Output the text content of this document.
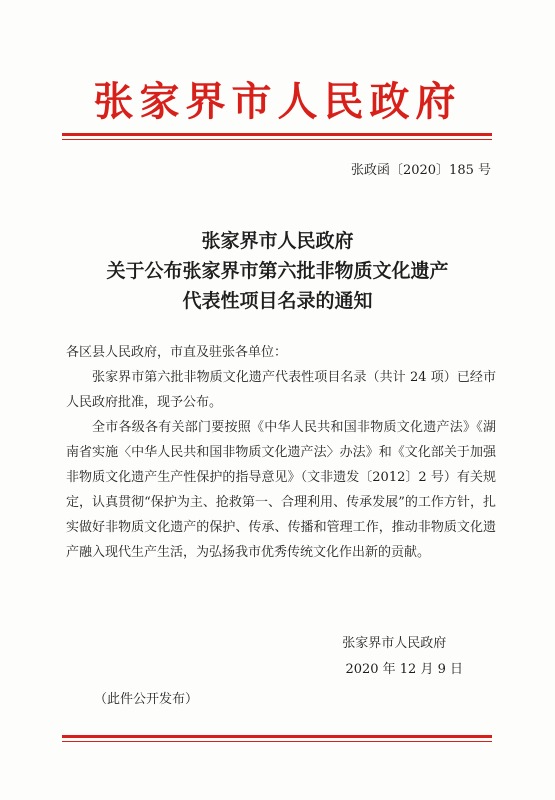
张家界市人民政府
张政函〔2020〕185 号
张家界市人民政府
关于公布张家界市第六批非物质文化遗产
代表性项目名录的通知

各区县人民政府，市直及驻张各单位：

张家界市第六批非物质文化遗产代表性项目名录（共计 24 项）已经市人民政府批准，现予公布。

全市各级各有关部门要按照《中华人民共和国非物质文化遗产法》《湖南省实施〈中华人民共和国非物质文化遗产法〉办法》和《文化部关于加强非物质文化遗产生产性保护的指导意见》（文非遗发〔2012〕2 号）有关规定，认真贯彻“保护为主、抢救第一、合理利用、传承发展”的工作方针，扎实做好非物质文化遗产的保护、传承、传播和管理工作，推动非物质文化遗产融入现代生产生活，为弘扬我市优秀传统文化作出新的贡献。

张家界市人民政府
2020 年 12 月 9 日
（此件公开发布）
